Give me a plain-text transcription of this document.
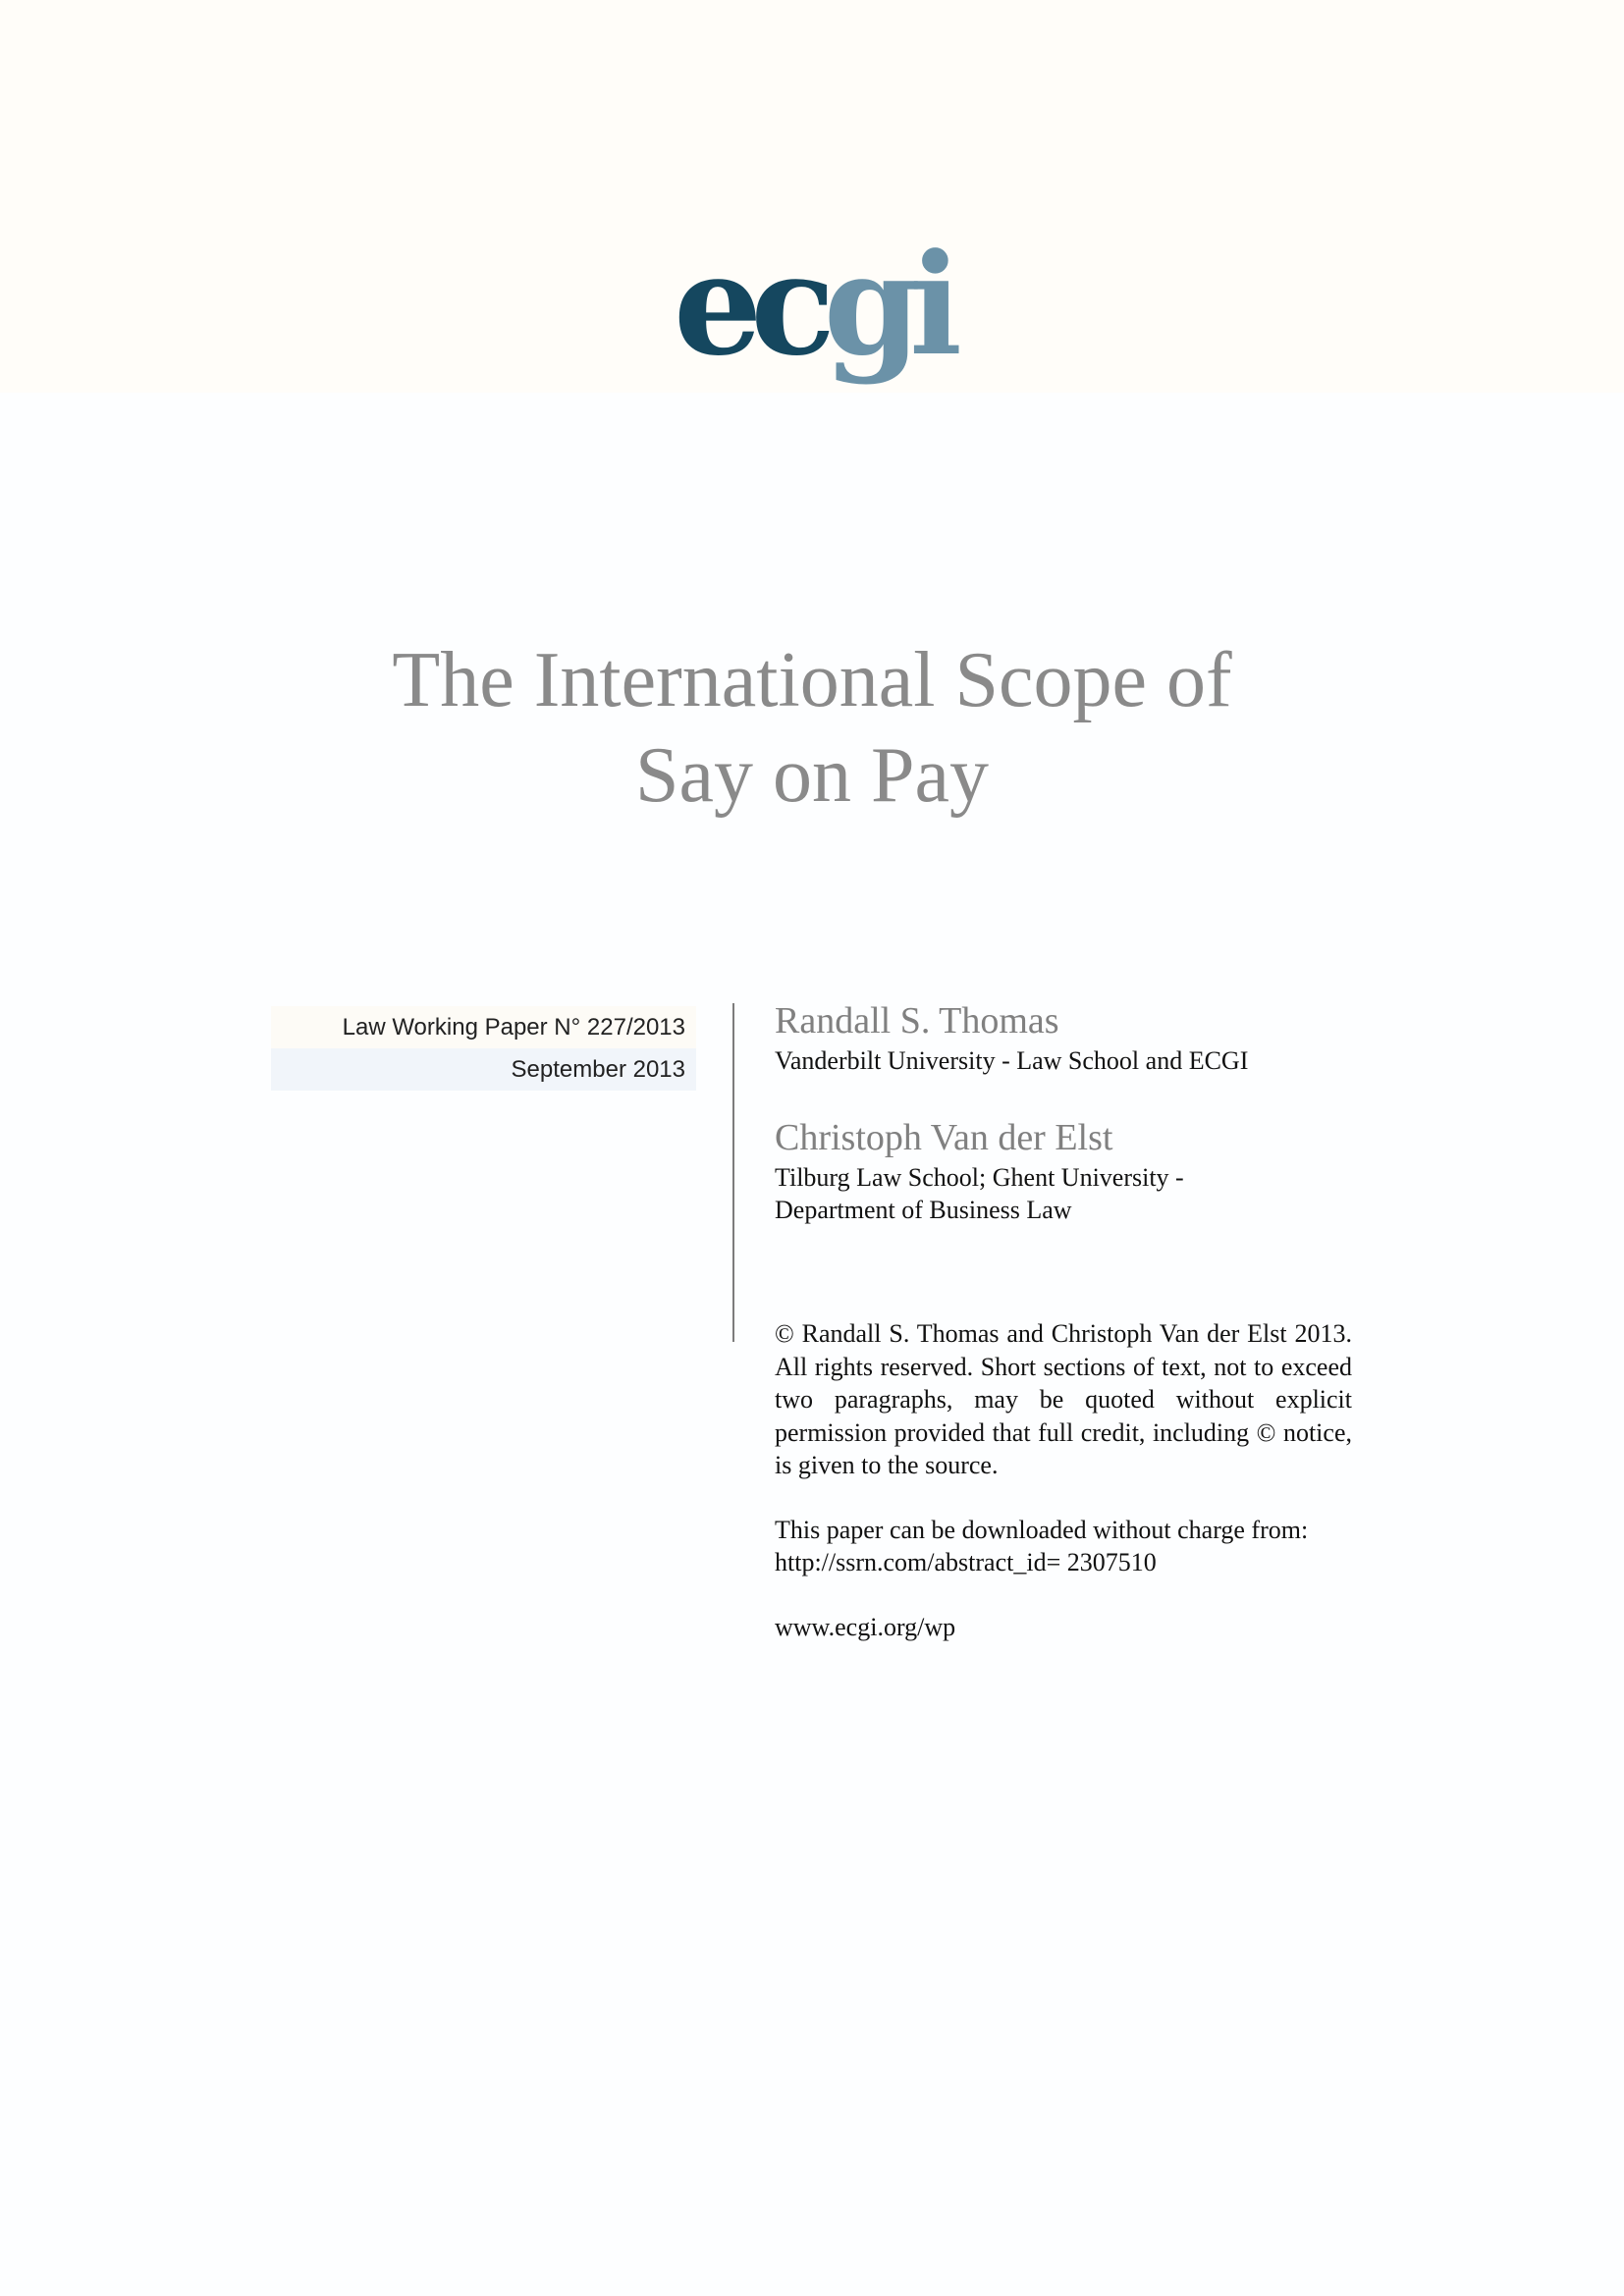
ecgi
The International Scope of
Say on Pay
Law Working Paper N° 227/2013
September 2013
Randall S. Thomas
Vanderbilt University - Law School and ECGI
Christoph Van der Elst
Tilburg Law School; Ghent University -
Department of Business Law
© Randall S. Thomas and Christoph Van der Elst 2013. All rights reserved. Short sections of text, not to exceed two paragraphs, may be quoted without explicit permission provided that full credit, including © notice, is given to the source.
This paper can be downloaded without charge from:
http://ssrn.com/abstract_id= 2307510
www.ecgi.org/wp
